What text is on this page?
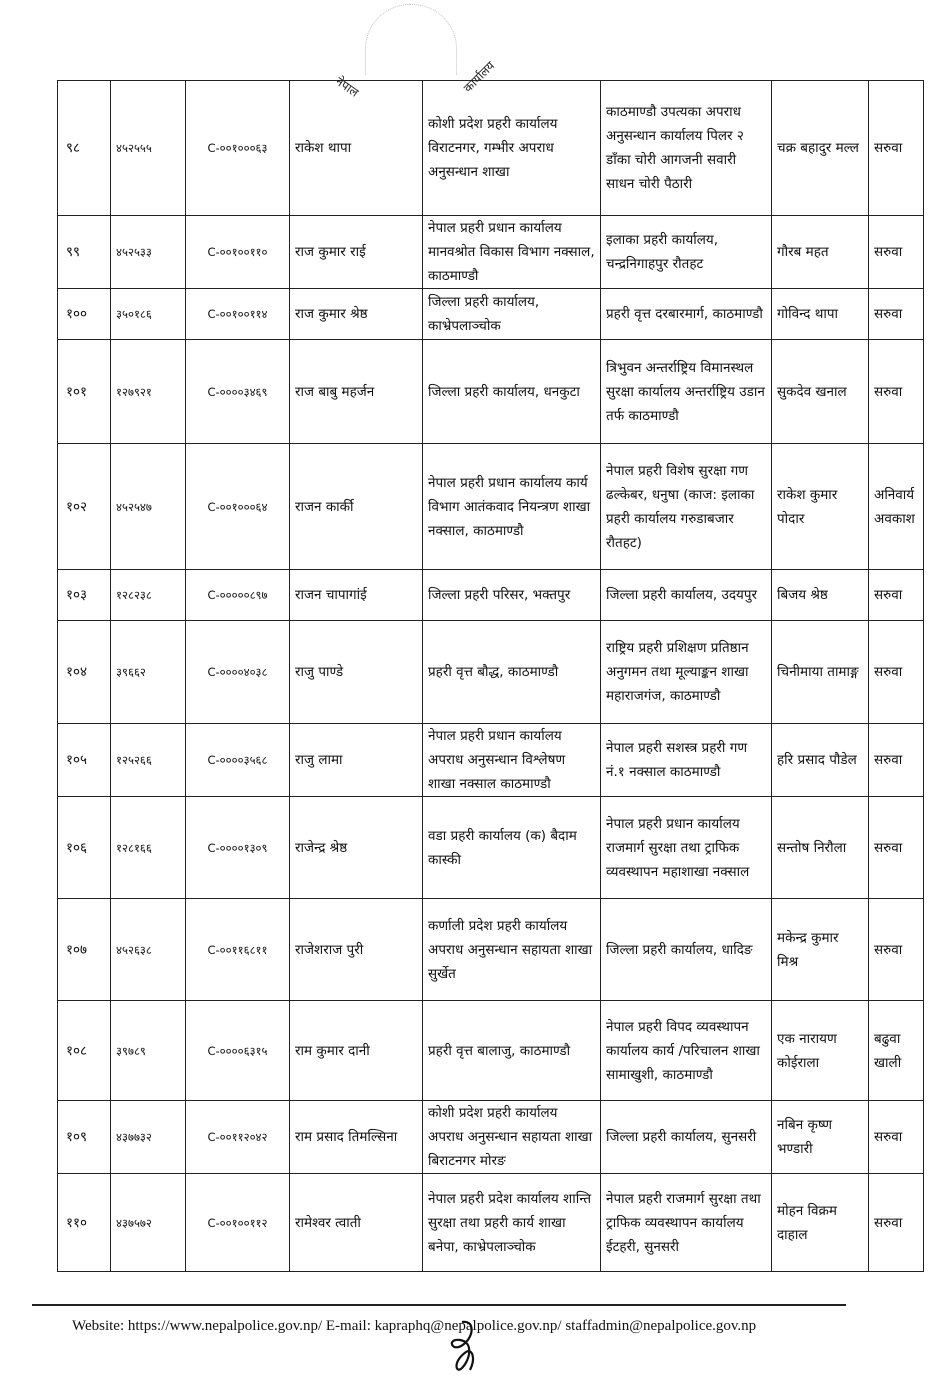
नेपाल	कार्यालय
९८	४५२५५५	C-००१०००६३	राकेश थापा	कोशी प्रदेश प्रहरी कार्यालय विराटनगर, गम्भीर अपराध अनुसन्धान शाखा	काठमाण्डौ उपत्यका अपराध अनुसन्धान कार्यालय पिलर २ डाँका चोरी आगजनी सवारी साधन चोरी पैठारी	चक्र बहादुर मल्ल	सरुवा
९९	४५२५३३	C-००१००११०	राज कुमार राई	नेपाल प्रहरी प्रधान कार्यालय मानवश्रोत विकास विभाग नक्साल, काठमाण्डौ	इलाका प्रहरी कार्यालय, चन्द्रनिगाहपुर रौतहट	गौरब महत	सरुवा
१००	३५०१८६	C-००१००११४	राज कुमार श्रेष्ठ	जिल्ला प्रहरी कार्यालय, काभ्रेपलाञ्चोक	प्रहरी वृत्त दरबारमार्ग, काठमाण्डौ	गोविन्द थापा	सरुवा
१०१	१२७९२१	C-००००३४६९	राज बाबु महर्जन	जिल्ला प्रहरी कार्यालय, धनकुटा	त्रिभुवन अन्तर्राष्ट्रिय विमानस्थल सुरक्षा कार्यालय अन्तर्राष्ट्रिय उडान तर्फ काठमाण्डौ	सुकदेव खनाल	सरुवा
१०२	४५२५४७	C-००१०००६४	राजन कार्की	नेपाल प्रहरी प्रधान कार्यालय कार्य विभाग आतंकवाद नियन्त्रण शाखा नक्साल, काठमाण्डौ	नेपाल प्रहरी विशेष सुरक्षा गण ढल्केबर, धनुषा (काज: इलाका प्रहरी कार्यालय गरुडाबजार रौतहट)	राकेश कुमार पोदार	अनिवार्य अवकाश
१०३	१२८२३८	C-०००००८९७	राजन चापागांई	जिल्ला प्रहरी परिसर, भक्तपुर	जिल्ला प्रहरी कार्यालय, उदयपुर	बिजय श्रेष्ठ	सरुवा
१०४	३९६६२	C-००००४०३८	राजु पाण्डे	प्रहरी वृत्त बौद्ध, काठमाण्डौ	राष्ट्रिय प्रहरी प्रशिक्षण प्रतिष्ठान अनुगमन तथा मूल्याङ्कन शाखा महाराजगंज, काठमाण्डौ	चिनीमाया तामाङ्ग	सरुवा
१०५	१२५२६६	C-००००३५६८	राजु लामा	नेपाल प्रहरी प्रधान कार्यालय अपराध अनुसन्धान विश्लेषण शाखा नक्साल काठमाण्डौ	नेपाल प्रहरी सशस्त्र प्रहरी गण नं.१ नक्साल काठमाण्डौ	हरि प्रसाद पौडेल	सरुवा
१०६	१२८१६६	C-००००१३०९	राजेन्द्र श्रेष्ठ	वडा प्रहरी कार्यालय (क) बैदाम कास्की	नेपाल प्रहरी प्रधान कार्यालय राजमार्ग सुरक्षा तथा ट्राफिक व्यवस्थापन महाशाखा नक्साल	सन्तोष निरौला	सरुवा
१०७	४५२६३८	C-००११६८११	राजेशराज पुरी	कर्णाली प्रदेश प्रहरी कार्यालय अपराध अनुसन्धान सहायता शाखा सुर्खेत	जिल्ला प्रहरी कार्यालय, धादिङ	मकेन्द्र कुमार मिश्र	सरुवा
१०८	३९७८९	C-००००६३१५	राम कुमार दानी	प्रहरी वृत्त बालाजु, काठमाण्डौ	नेपाल प्रहरी विपद व्यवस्थापन कार्यालय कार्य /परिचालन शाखा सामाखुशी, काठमाण्डौ	एक नारायण कोईराला	बढुवा खाली
१०९	४३७७३२	C-००११२०४२	राम प्रसाद तिमल्सिना	कोशी प्रदेश प्रहरी कार्यालय अपराध अनुसन्धान सहायता शाखा बिराटनगर मोरङ	जिल्ला प्रहरी कार्यालय, सुनसरी	नबिन कृष्ण भण्डारी	सरुवा
११०	४३७५७२	C-००१००११२	रामेश्वर त्वाती	नेपाल प्रहरी प्रदेश कार्यालय शान्ति सुरक्षा तथा प्रहरी कार्य शाखा बनेपा, काभ्रेपलाञ्चोक	नेपाल प्रहरी राजमार्ग सुरक्षा तथा ट्राफिक व्यवस्थापन कार्यालय ईटहरी, सुनसरी	मोहन विक्रम दाहाल	सरुवा
Website: https://www.nepalpolice.gov.np/ E-mail: kapraphq@nepalpolice.gov.np/ staffadmin@nepalpolice.gov.np
